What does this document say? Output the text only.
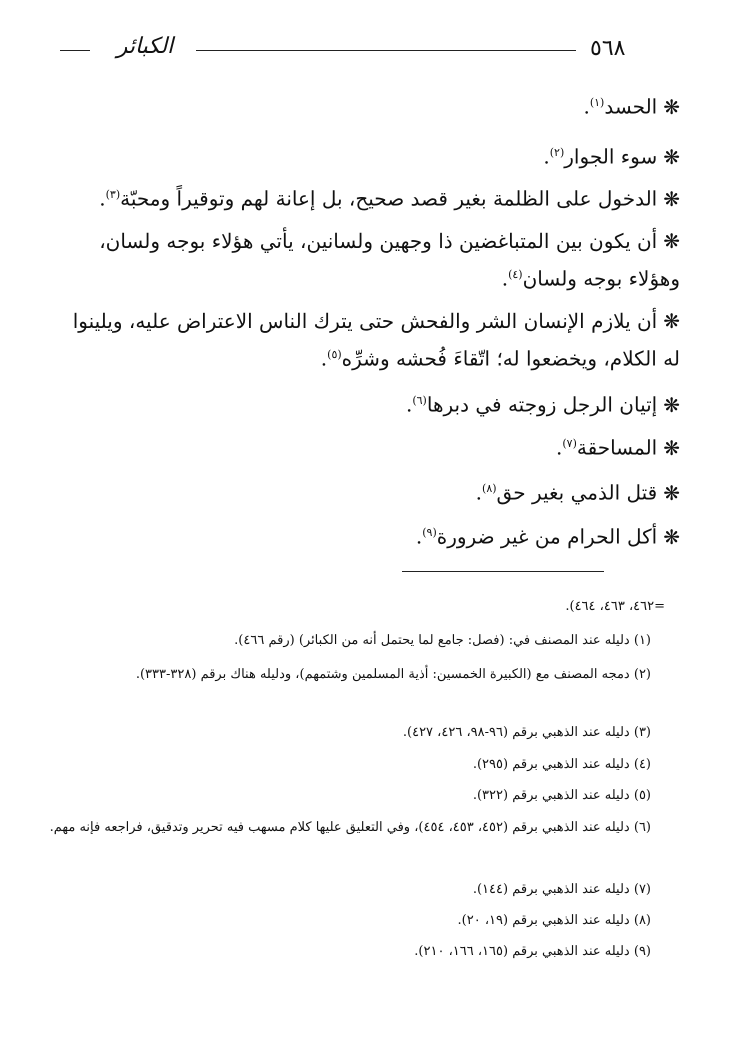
الكبائر	٥٦٨
❋الحسد$^{(١)}$.
❋سوء الجوار$^{(٢)}$.
❋الدخول على الظلمة بغير قصد صحيح، بل إعانة لهم وتوقيراً ومحبّة$^{(٣)}$.
❋أن يكون بين المتباغضين ذا وجهين ولسانين، يأتي هؤلاء بوجه ولسان، وهؤلاء بوجه ولسان$^{(٤)}$.
❋أن يلازم الإنسان الشر والفحش حتى يترك الناس الاعتراض عليه، ويلينوا له الكلام، ويخضعوا له؛ اتّقاءَ فُحشه وشرِّه$^{(٥)}$.
❋إتيان الرجل زوجته في دبرها$^{(٦)}$.
❋المساحقة$^{(٧)}$.
❋قتل الذمي بغير حق$^{(٨)}$.
❋أكل الحرام من غير ضرورة$^{(٩)}$.
=٤٦٢، ٤٦٣، ٤٦٤).
(١) دليله عند المصنف في: (فصل: جامع لما يحتمل أنه من الكبائر) (رقم ٤٦٦).
(٢) دمجه المصنف مع (الكبيرة الخمسين: أذية المسلمين وشتمهم)، ودليله هناك برقم (٣٢٨-٣٣٣).
(٣) دليله عند الذهبي برقم (٩٦-٩٨، ٤٢٦، ٤٢٧).
(٤) دليله عند الذهبي برقم (٢٩٥).
(٥) دليله عند الذهبي برقم (٣٢٢).
(٦) دليله عند الذهبي برقم (٤٥٢، ٤٥٣، ٤٥٤)، وفي التعليق عليها كلام مسهب فيه تحرير وتدقيق، فراجعه فإنه مهم.
(٧) دليله عند الذهبي برقم (١٤٤).
(٨) دليله عند الذهبي برقم (١٩، ٢٠).
(٩) دليله عند الذهبي برقم (١٦٥، ١٦٦، ٢١٠).
